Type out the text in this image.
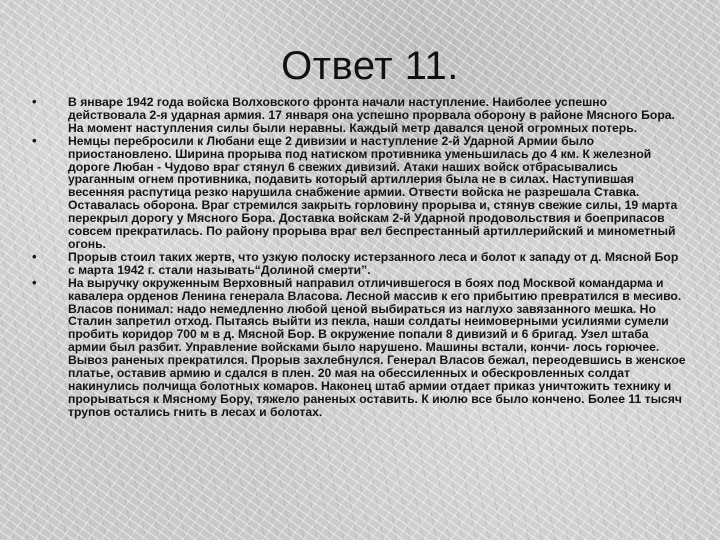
Ответ 11.
•	В январе 1942 года войска Волховского фронта начали наступление. Наиболее успешно действовала 2-я ударная армия. 17 января она успешно прорвала оборону в районе Мясного Бора. На момент наступления силы были неравны. Каждый метр давался ценой огромных потерь.
•	Немцы перебросили к Любани еще 2 дивизии и наступление 2-й Ударной Армии было приостановлено. Ширина прорыва под натиском противника уменьшилась до 4 км. К железной дороге Любан - Чудово враг стянул 6 свежих дивизий. Атаки наших войск отбрасывались ураганным огнем противника, подавить который артиллерия была не в силах. Наступившая весенняя распутица резко нарушила снабжение армии. Отвести войска не разрешала Ставка. Оставалась оборона. Враг стремился закрыть горловину прорыва и, стянув свежие силы, 19 марта перекрыл дорогу у Мясного Бора. Доставка войскам 2-й Ударной продовольствия и боеприпасов совсем прекратилась. По району прорыва враг вел беспрестанный артиллерийский и минометный огонь.
•	Прорыв стоил таких жертв, что узкую полоску истерзанного леса и болот к западу от д. Мясной Бор с марта 1942 г. стали называть“Долиной смерти”.
•	На выручку окруженным Верховный направил отличившегося в боях под Москвой командарма и кавалера орденов Ленина генерала Власова. Лесной массив к его прибытию превратился в месиво. Власов понимал: надо немедленно любой ценой выбираться из наглухо завязанного мешка. Но Сталин запретил отход. Пытаясь выйти из пекла, наши солдаты неимоверными усилиями сумели пробить коридор 700 м в д. Мясной Бор. В окружение попали 8 дивизий и 6 бригад. Узел штаба армии был разбит. Управление войсками было нарушено. Машины встали, кончи- лось горючее. Вывоз раненых прекратился. Прорыв захлебнулся. Генерал Власов бежал, переодевшись в женское платье, оставив армию и сдался в плен. 20 мая на обессиленных и обескровленных солдат накинулись полчища болотных комаров. Наконец штаб армии отдает приказ уничтожить технику и прорываться к Мясному Бору, тяжело раненых оставить. К июлю все было кончено. Более 11 тысяч трупов остались гнить в лесах и болотах.
